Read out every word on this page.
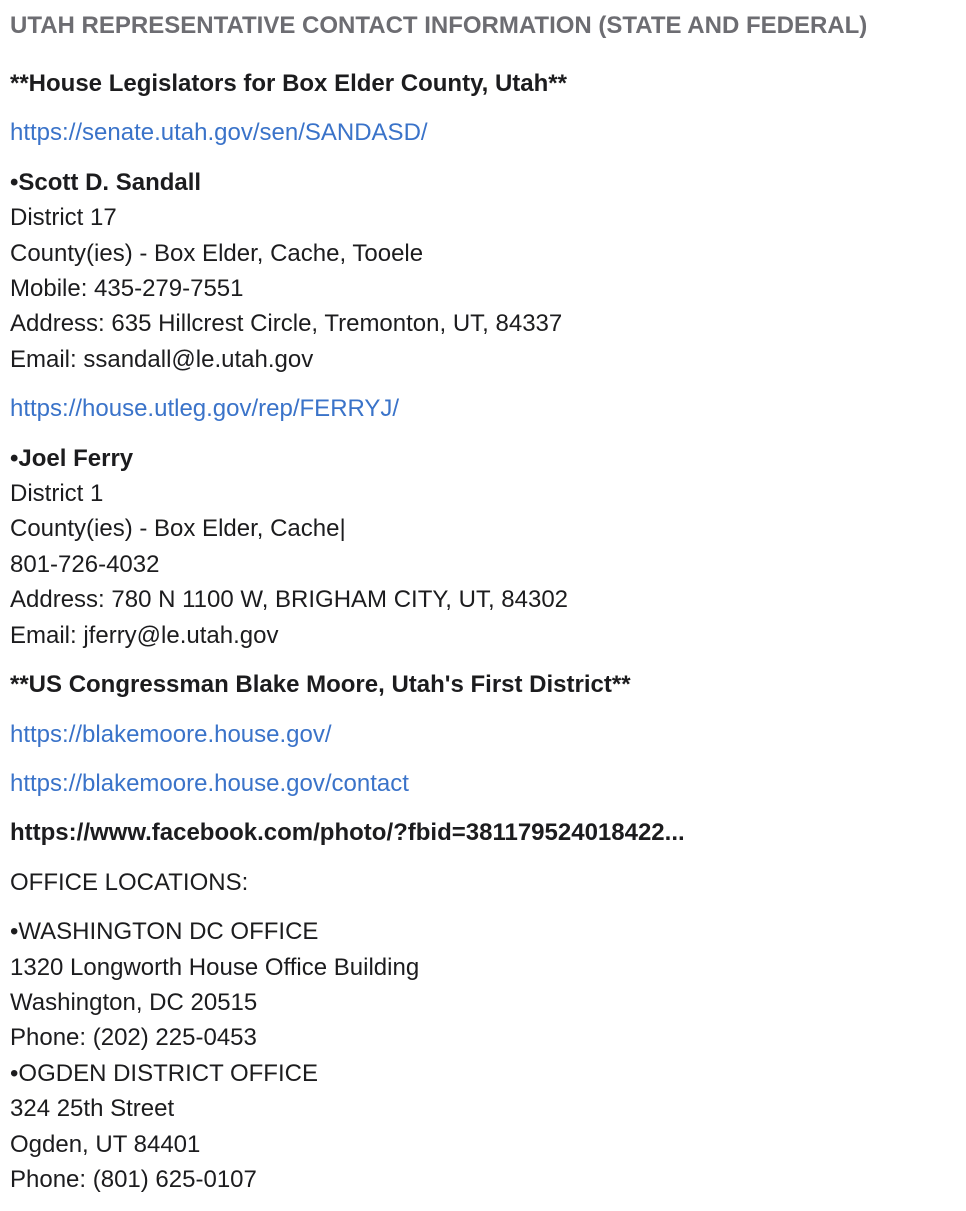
UTAH REPRESENTATIVE CONTACT INFORMATION (STATE AND FEDERAL)
**House Legislators for Box Elder County, Utah**
https://senate.utah.gov/sen/SANDASD/
•Scott D. Sandall
District 17
County(ies) - Box Elder, Cache, Tooele
Mobile: 435-279-7551
Address: 635 Hillcrest Circle, Tremonton, UT, 84337
Email: ssandall@le.utah.gov
https://house.utleg.gov/rep/FERRYJ/
•Joel Ferry
District 1
County(ies) - Box Elder, Cache|
801-726-4032
Address: 780 N 1100 W, BRIGHAM CITY, UT, 84302
Email: jferry@le.utah.gov
**US Congressman Blake Moore, Utah's First District**
https://blakemoore.house.gov/
https://blakemoore.house.gov/contact
https://www.facebook.com/photo/?fbid=381179524018422...
OFFICE LOCATIONS:
•WASHINGTON DC OFFICE
1320 Longworth House Office Building
Washington, DC 20515
Phone: (202) 225-0453
•OGDEN DISTRICT OFFICE
324 25th Street
Ogden, UT 84401
Phone: (801) 625-0107
